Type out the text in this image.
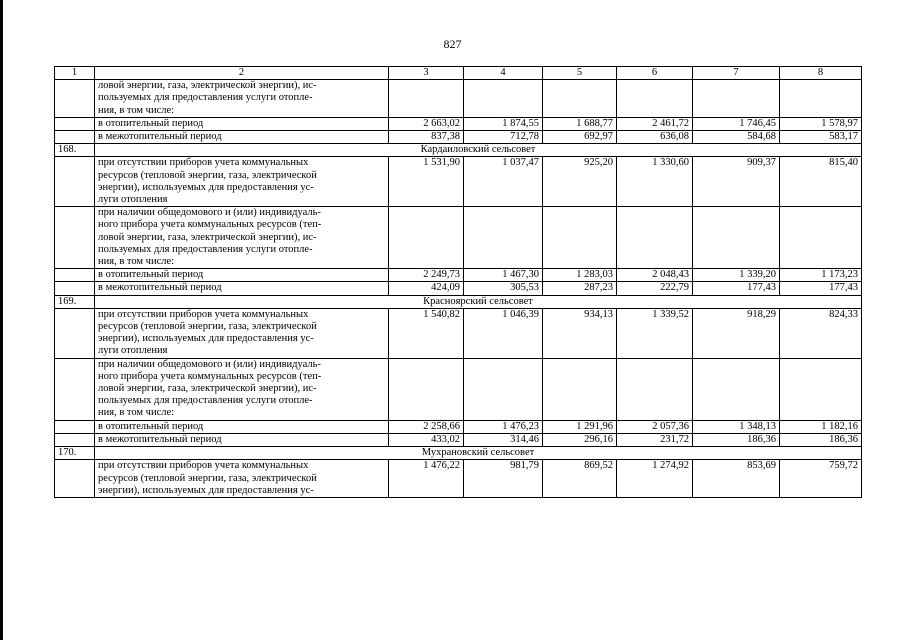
827
1	2	3	4	5	6	7	8
	ловой энергии, газа, электрической энергии), ис-
пользуемых для предоставления услуги отопле-
ния, в том числе:						
	в отопительный период	2 663,02	1 874,55	1 688,77	2 461,72	1 746,45	1 578,97
	в межотопительный период	837,38	712,78	692,97	636,08	584,68	583,17
168.	Кардаиловский сельсовет						
	при отсутствии приборов учета коммунальных
ресурсов (тепловой энергии, газа, электрической
энергии), используемых для предоставления ус-
луги отопления	1 531,90	1 037,47	925,20	1 330,60	909,37	815,40
	при наличии общедомового и (или) индивидуаль-
ного прибора учета коммунальных ресурсов (теп-
ловой энергии, газа, электрической энергии), ис-
пользуемых для предоставления услуги отопле-
ния, в том числе:						
	в отопительный период	2 249,73	1 467,30	1 283,03	2 048,43	1 339,20	1 173,23
	в межотопительный период	424,09	305,53	287,23	222,79	177,43	177,43
169.	Краснoярский сельсовет						
	при отсутствии приборов учета коммунальных
ресурсов (тепловой энергии, газа, электрической
энергии), используемых для предоставления ус-
луги отопления	1 540,82	1 046,39	934,13	1 339,52	918,29	824,33
	при наличии общедомового и (или) индивидуаль-
ного прибора учета коммунальных ресурсов (теп-
ловой энергии, газа, электрической энергии), ис-
пользуемых для предоставления услуги отопле-
ния, в том числе:						
	в отопительный период	2 258,66	1 476,23	1 291,96	2 057,36	1 348,13	1 182,16
	в межотопительный период	433,02	314,46	296,16	231,72	186,36	186,36
170.	Мухрановский сельсовет						
	при отсутствии приборов учета коммунальных
ресурсов (тепловой энергии, газа, электрической
энергии), используемых для предоставления ус-	1 476,22	981,79	869,52	1 274,92	853,69	759,72
